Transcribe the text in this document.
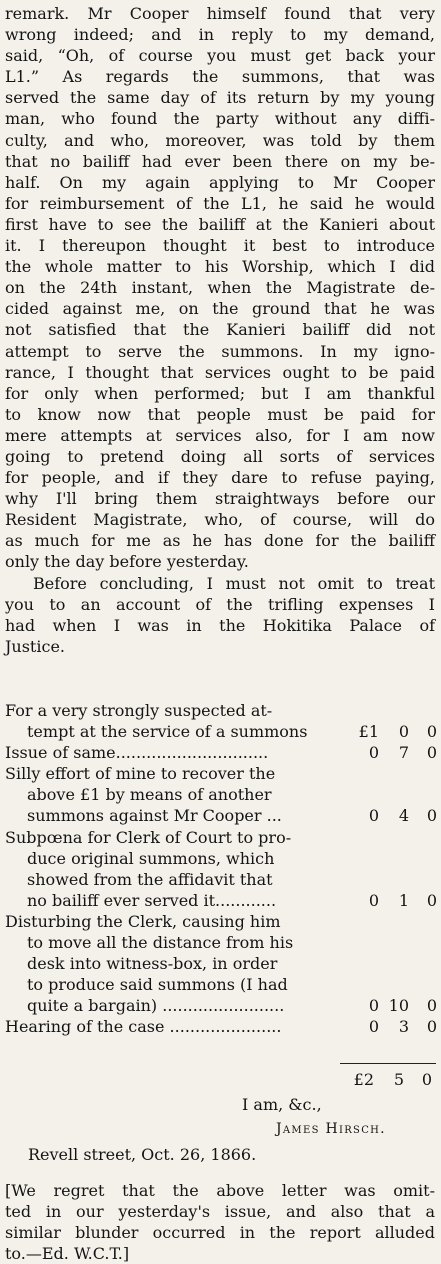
remark. Mr Cooper himself found that very
wrong indeed; and in reply to my demand,
said, “Oh, of course you must get back your
L1.” As regards the summons, that was
served the same day of its return by my young
man, who found the party without any diffi-
culty, and who, moreover, was told by them
that no bailiff had ever been there on my be-
half. On my again applying to Mr Cooper
for reimbursement of the L1, he said he would
first have to see the bailiff at the Kanieri about
it. I thereupon thought it best to introduce
the whole matter to his Worship, which I did
on the 24th instant, when the Magistrate de-
cided against me, on the ground that he was
not satisfied that the Kanieri bailiff did not
attempt to serve the summons. In my igno-
rance, I thought that services ought to be paid
for only when performed; but I am thankful
to know now that people must be paid for
mere attempts at services also, for I am now
going to pretend doing all sorts of services
for people, and if they dare to refuse paying,
why I'll bring them straightways before our
Resident Magistrate, who, of course, will do
as much for me as he has done for the bailiff
only the day before yesterday.
Before concluding, I must not omit to treat
you to an account of the trifling expenses I
had when I was in the Hokitika Palace of
Justice.
For a very strongly suspected at-
tempt at the service of a summons	£1	0	0
Issue of same..............................	0	7	0
Silly effort of mine to recover the
above £1 by means of another
summons against Mr Cooper ...	0	4	0
Subpœna for Clerk of Court to pro-
duce original summons, which
showed from the affidavit that
no bailiff ever served it............	0	1	0
Disturbing the Clerk, causing him
to move all the distance from his
desk into witness-box, in order
to produce said summons (I had
quite a bargain) ........................	0 10	0
Hearing of the case ......................	0	3	0
£2	5	0
I am, &c.,
James Hirsch.
Revell street, Oct. 26, 1866.
[We regret that the above letter was omit-
ted in our yesterday's issue, and also that a
similar blunder occurred in the report alluded
to.—Ed. W.C.T.]
